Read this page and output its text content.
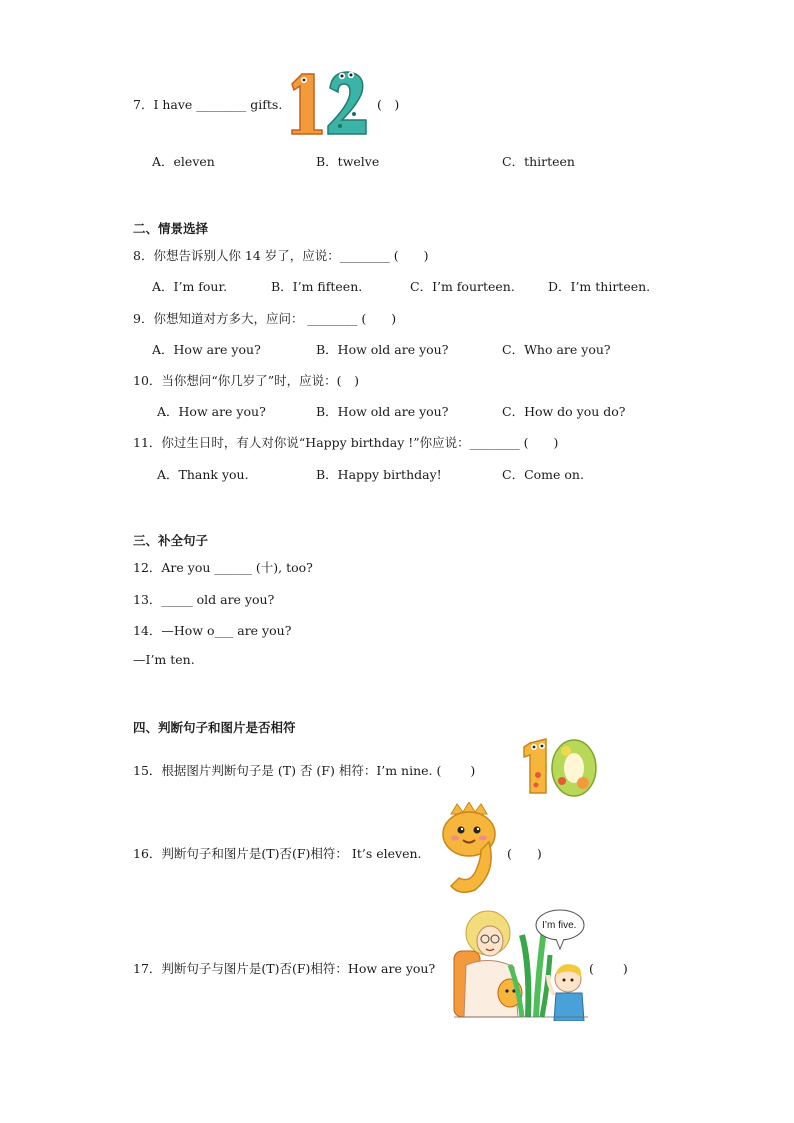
7．I have ________ gifts.	(　)
A．eleven	B．twelve	C．thirteen
二、情景选择
8．你想告诉别人你 14 岁了，应说：________ (　　)
A．I’m four.	B．I’m fifteen.	C．I’m fourteen.	D．I’m thirteen.
9．你想知道对方多大，应问： ________ (　　)
A．How are you?	B．How old are you?	C．Who are you?
10．当你想问“你几岁了”时，应说：(　)
A．How are you?	B．How old are you?	C．How do you do?
11．你过生日时，有人对你说“Happy birthday !”你应说：________ (　　)
A．Thank you.	B．Happy birthday!	C．Come on.
三、补全句子
12．Are you ______ (十), too?
13．_____ old are you?
14．—How o___ are you?
—I’m ten.
四、判断句子和图片是否相符
15．根据图片判断句子是 (T) 否 (F) 相符：I’m nine. (　　 )
16．判断句子和图片是(T)否(F)相符： It’s eleven.	(　　)
17．判断句子与图片是(T)否(F)相符：How are you?
I’m five.
(　　 )
